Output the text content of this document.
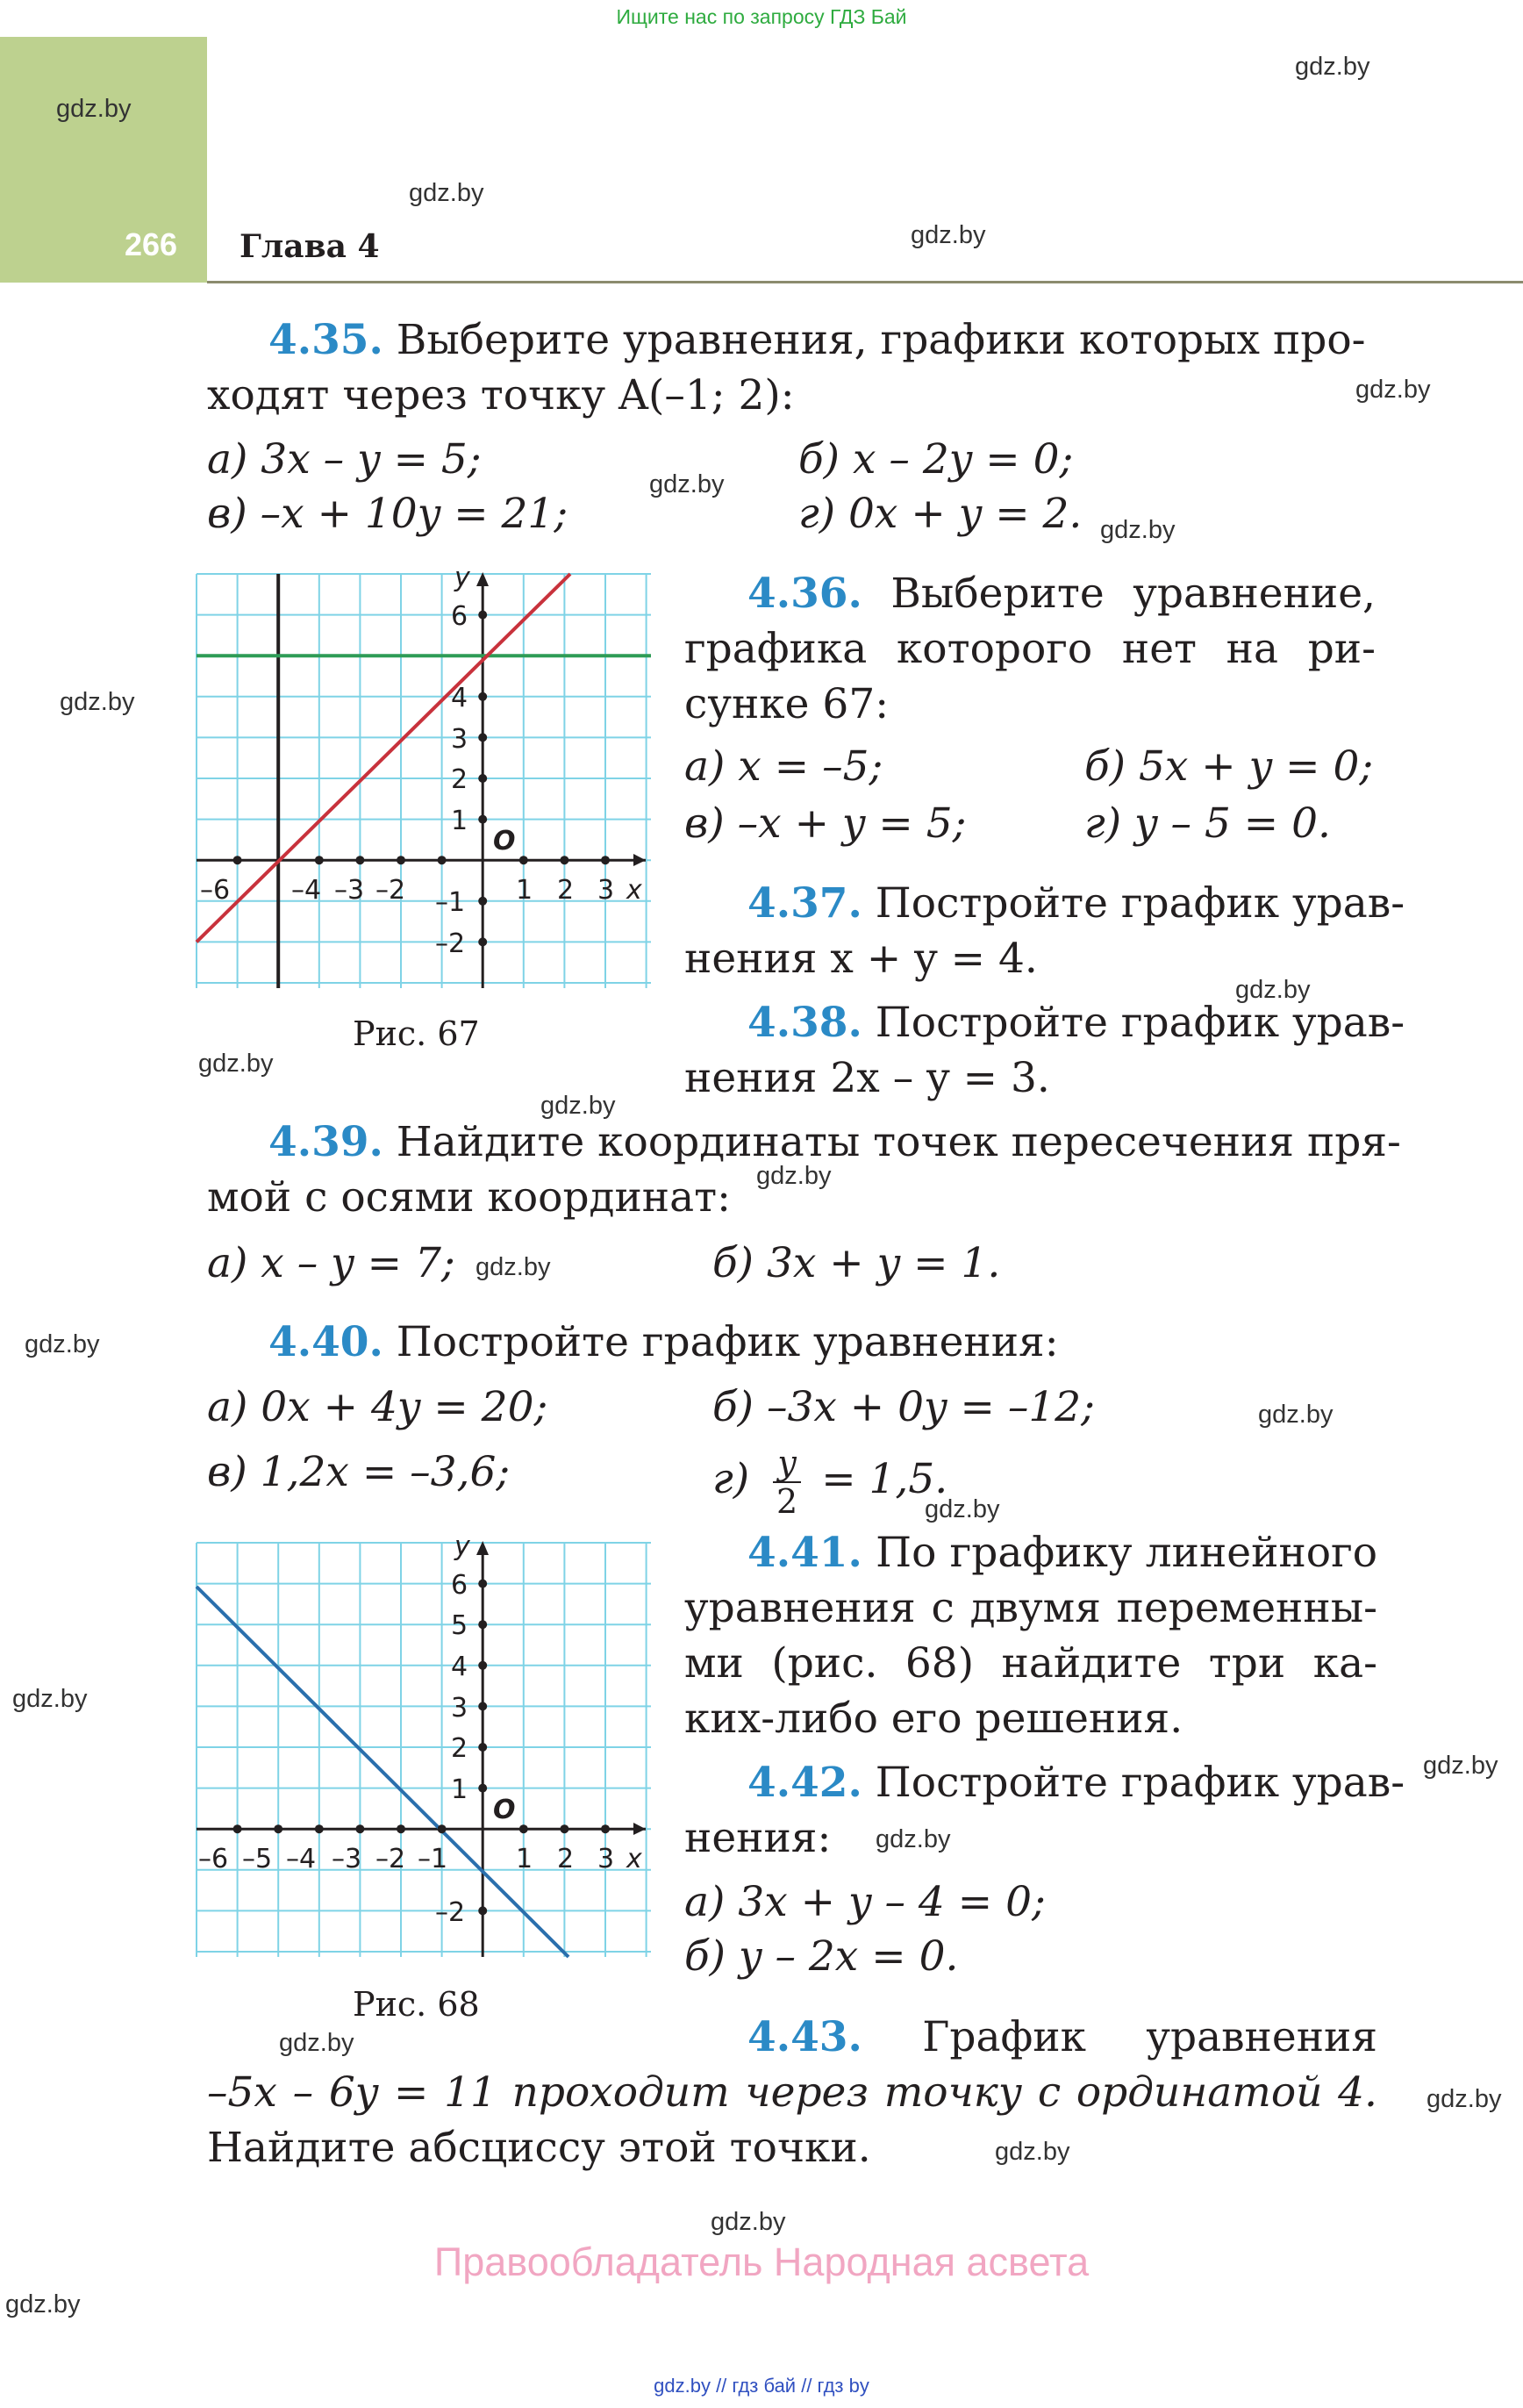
Ищите нас по запросу ГДЗ Бай
266 Глава 4
gdz.by
gdz.by
gdz.by
gdz.by
gdz.by
gdz.by
gdz.by
gdz.by
gdz.by
gdz.by
gdz.by
gdz.by
gdz.by
gdz.by
gdz.by
gdz.by
gdz.by
gdz.by
gdz.by
gdz.by
gdz.by
gdz.by
gdz.by
gdz.by
4.35. Выберите уравнения, графики которых про-
ходят через точку A(–1; 2):
а) 3x – y = 5;	б) x – 2y = 0;
в) –x + 10y = 21;	г) 0x + y = 2.
–6 –4 –3 –2	1 2 3 x
6
4
3
2
1
–1
–2
y
O
Рис. 67
4.36. Выберите уравнение,
графика которого нет на ри-
сунке 67:
а) x = –5;	б) 5x + y = 0;
в) –x + y = 5;	г) y – 5 = 0.
4.37. Постройте график урав-
нения x + y = 4.
4.38. Постройте график урав-
нения 2x – y = 3.
4.39. Найдите координаты точек пересечения пря-
мой с осями координат:
а) x – y = 7;	б) 3x + y = 1.
4.40. Постройте график уравнения:
а) 0x + 4y = 20;	б) –3x + 0y = –12;
в) 1,2x = –3,6;	$г) \frac{y}{2} = 1,5$.
–6 –5 –4 –3 –2 –1	1 2 3 x
6
5
4
3
2
1
–2
y
O
Рис. 68
4.41. По графику линейного
уравнения с двумя переменны-
ми (рис. 68) найдите три ка-
ких-либо его решения.
4.42. Постройте график урав-
нения:
а) 3x + y – 4 = 0;
б) y – 2x = 0.
4.43. График уравнения
–5x – 6y = 11 проходит через точку с ординатой 4.
Найдите абсциссу этой точки.
Правообладатель Народная асвета
gdz.by // гдз бай // гдз by
